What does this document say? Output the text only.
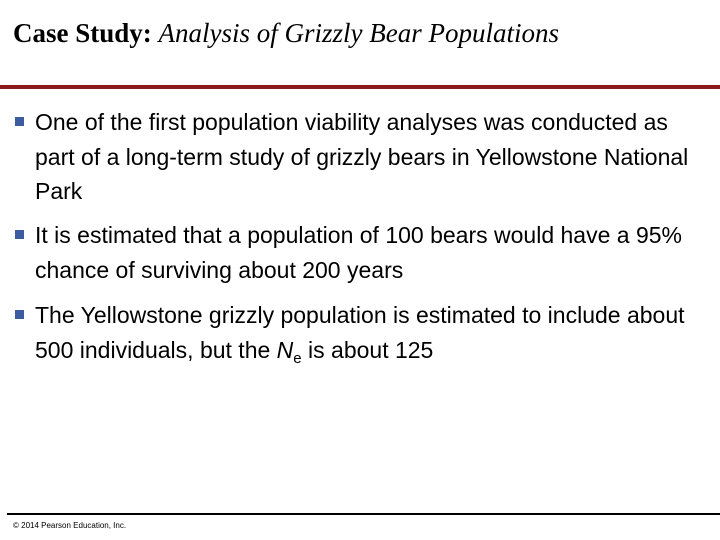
Case Study: Analysis of Grizzly Bear Populations
One of the first population viability analyses was conducted as part of a long-term study of grizzly bears in Yellowstone National Park
It is estimated that a population of 100 bears would have a 95% chance of surviving about 200 years
The Yellowstone grizzly population is estimated to include about 500 individuals, but the $N_e$ is about 125
© 2014 Pearson Education, Inc.
